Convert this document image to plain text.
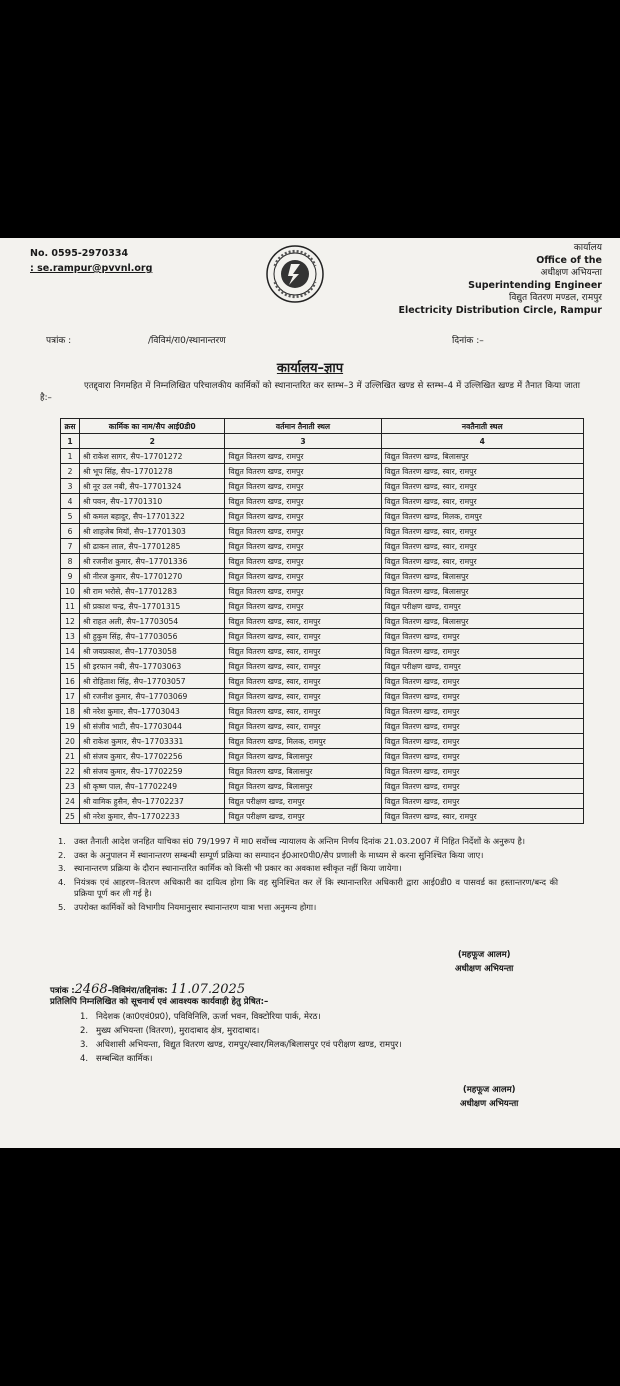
No. 0595-2970334
: se.rampur@pvvnl.org
कार्यालय
Office of the
अधीक्षण अभियन्ता
Superintending Engineer
विद्युत वितरण मण्डल, रामपुर
Electricity Distribution Circle, Rampur
पत्रांक :	/विविमं/रा0/स्थानान्तरण	दिनांक :–
कार्यालय–ज्ञाप
एतद्द्वारा निगमहित में निम्नलिखित परिचालकीय कार्मिकों को स्थानान्तरित कर स्तम्भ–3 में उल्लिखित खण्ड से स्तम्भ–4 में उल्लिखित खण्ड में तैनात किया जाता है:–
क्रस	कार्मिक का नाम/सैप आई0डी0	वर्तमान तैनाती स्थल	नवतैनाती स्थल
1	2	3	4
1	श्री राकेश सागर, सैप–17701272	विद्युत वितरण खण्ड, रामपुर	विद्युत वितरण खण्ड, बिलासपुर
2	श्री भूप सिंह, सैप–17701278	विद्युत वितरण खण्ड, रामपुर	विद्युत वितरण खण्ड, स्वार, रामपुर
3	श्री नूर उल नबी, सैप–17701324	विद्युत वितरण खण्ड, रामपुर	विद्युत वितरण खण्ड, स्वार, रामपुर
4	श्री पवन, सैप–17701310	विद्युत वितरण खण्ड, रामपुर	विद्युत वितरण खण्ड, स्वार, रामपुर
5	श्री कमल बहादुर, सैप–17701322	विद्युत वितरण खण्ड, रामपुर	विद्युत वितरण खण्ड, मिलक, रामपुर
6	श्री शाहजेब मियॉ, सैप–17701303	विद्युत वितरण खण्ड, रामपुर	विद्युत वितरण खण्ड, स्वार, रामपुर
7	श्री ढाकन लाल, सैप–17701285	विद्युत वितरण खण्ड, रामपुर	विद्युत वितरण खण्ड, स्वार, रामपुर
8	श्री रजनीश कुमार, सैप–17701336	विद्युत वितरण खण्ड, रामपुर	विद्युत वितरण खण्ड, स्वार, रामपुर
9	श्री नीरज कुमार, सैप–17701270	विद्युत वितरण खण्ड, रामपुर	विद्युत वितरण खण्ड, बिलासपुर
10	श्री राम भरोसे, सैप–17701283	विद्युत वितरण खण्ड, रामपुर	विद्युत वितरण खण्ड, बिलासपुर
11	श्री प्रकाश चन्द्र, सैप–17701315	विद्युत वितरण खण्ड, रामपुर	विद्युत परीक्षण खण्ड, रामपुर
12	श्री राहत अली, सैप–17703054	विद्युत वितरण खण्ड, स्वार, रामपुर	विद्युत वितरण खण्ड, बिलासपुर
13	श्री हुकुम सिंह, सैप–17703056	विद्युत वितरण खण्ड, स्वार, रामपुर	विद्युत वितरण खण्ड, रामपुर
14	श्री जयप्रकाश, सैप–17703058	विद्युत वितरण खण्ड, स्वार, रामपुर	विद्युत वितरण खण्ड, रामपुर
15	श्री इरफान नबी, सैप–17703063	विद्युत वितरण खण्ड, स्वार, रामपुर	विद्युत परीक्षण खण्ड, रामपुर
16	श्री रोहिताश सिंह, सैप–17703057	विद्युत वितरण खण्ड, स्वार, रामपुर	विद्युत वितरण खण्ड, रामपुर
17	श्री रजनीश कुमार, सैप–17703069	विद्युत वितरण खण्ड, स्वार, रामपुर	विद्युत वितरण खण्ड, रामपुर
18	श्री नरेश कुमार, सैप–17703043	विद्युत वितरण खण्ड, स्वार, रामपुर	विद्युत वितरण खण्ड, रामपुर
19	श्री संजीव भाटी, सैप–17703044	विद्युत वितरण खण्ड, स्वार, रामपुर	विद्युत वितरण खण्ड, रामपुर
20	श्री राकेश कुमार, सैप–17703331	विद्युत वितरण खण्ड, मिलक, रामपुर	विद्युत वितरण खण्ड, रामपुर
21	श्री संजय कुमार, सैप–17702256	विद्युत वितरण खण्ड, बिलासपुर	विद्युत वितरण खण्ड, रामपुर
22	श्री संजय कुमार, सैप–17702259	विद्युत वितरण खण्ड, बिलासपुर	विद्युत वितरण खण्ड, रामपुर
23	श्री कृष्ण पाल, सैप–17702249	विद्युत वितरण खण्ड, बिलासपुर	विद्युत वितरण खण्ड, रामपुर
24	श्री वामिक हुसैन, सैप–17702237	विद्युत परीक्षण खण्ड, रामपुर	विद्युत वितरण खण्ड, रामपुर
25	श्री नरेश कुमार, सैप–17702233	विद्युत परीक्षण खण्ड, रामपुर	विद्युत वितरण खण्ड, स्वार, रामपुर
1. उक्त तैनाती आदेश जनहित याचिका सं0 79/1997 में मा0 सर्वोच्च न्यायालय के अन्तिम निर्णय दिनांक 21.03.2007 में निहित निर्देशों के अनुरूप है।
2. उक्त के अनुपालन में स्थानान्तरण सम्बन्धी सम्पूर्ण प्रक्रिया का सम्पादन ई0आर0पी0/सैप प्रणाली के माध्यम से करना सुनिश्चित किया जाए।
3. स्थानान्तरण प्रक्रिया के दौरान स्थानान्तरित कार्मिक को किसी भी प्रकार का अवकाश स्वीकृत नहीं किया जायेगा।
4. नियंत्रक एवं आहरण–वितरण अधिकारी का दायित्व होगा कि वह सुनिश्चित कर लें कि स्थानान्तरित अधिकारी द्वारा आई0डी0 व पासवर्ड का हस्तान्तरण/बन्द की प्रक्रिया पूर्ण कर ली गई है।
5. उपरोक्त कार्मिकों को विभागीय नियमानुसार स्थानान्तरण यात्रा भत्ता अनुमन्य होगा।
(महफूज आलम)
अधीक्षण अभियन्ता
पत्रांक :2468–विविमंरा/तद्दिनांक: 11.07.2025
प्रतिलिपि निम्नलिखित को सूचनार्थ एवं आवश्यक कार्यवाही हेतु प्रेषित:–
1. निदेशक (का0एवं0प्र0), पविविनिलि, ऊर्जा भवन, विक्टोरिया पार्क, मेरठ।
2. मुख्य अभियन्ता (वितरण), मुरादाबाद क्षेत्र, मुरादाबाद।
3. अधिशासी अभियन्ता, विद्युत वितरण खण्ड, रामपुर/स्वार/मिलक/बिलासपुर एवं परीक्षण खण्ड, रामपुर।
4. सम्बन्धित कार्मिक।
(महफूज आलम)
अधीक्षण अभियन्ता
